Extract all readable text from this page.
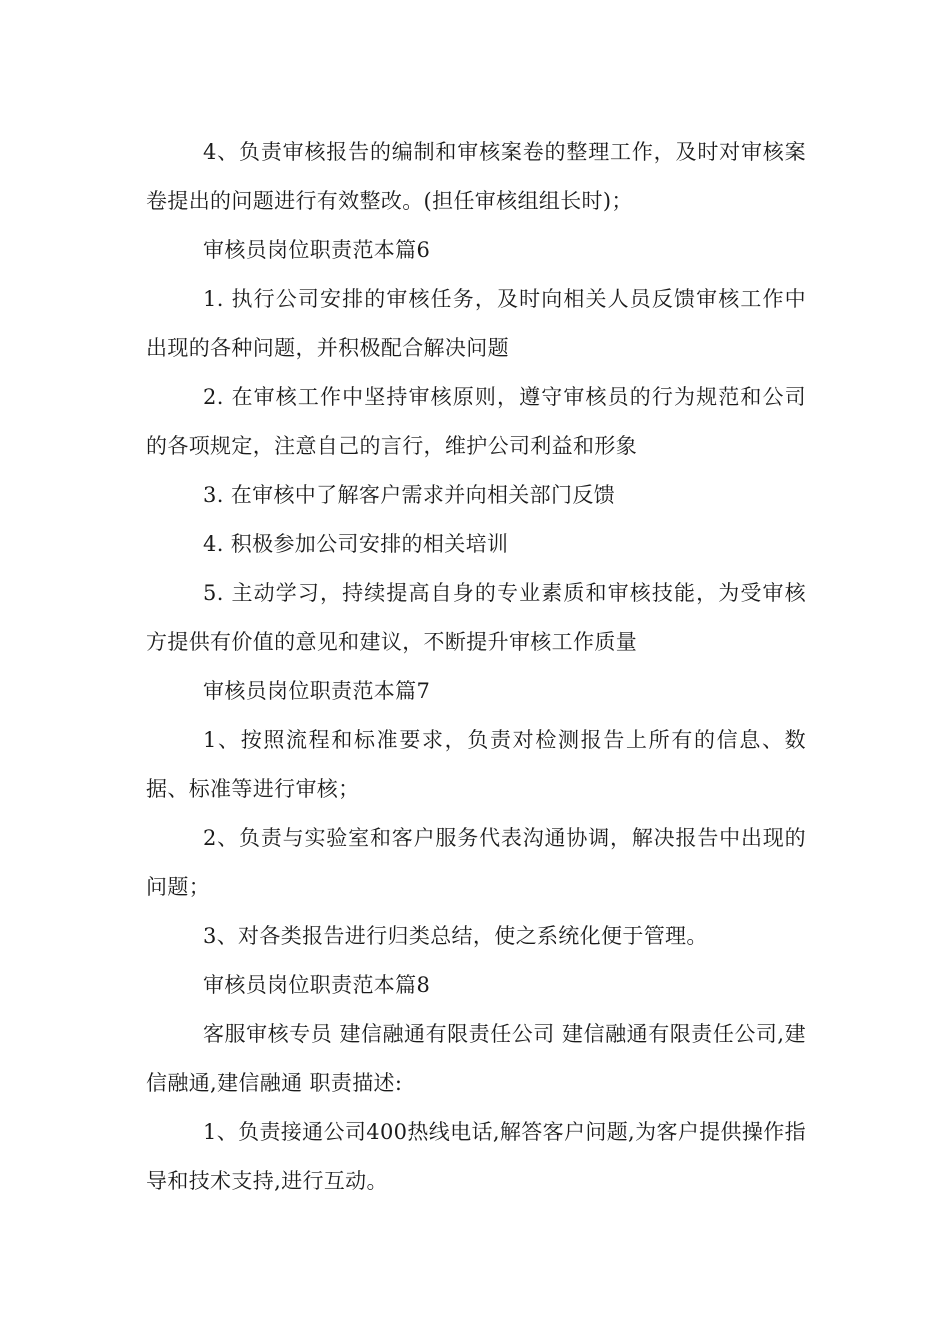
4、负责审核报告的编制和审核案卷的整理工作，及时对审核案卷提出的问题进行有效整改。(担任审核组组长时)；

审核员岗位职责范本篇6

1. 执行公司安排的审核任务，及时向相关人员反馈审核工作中出现的各种问题，并积极配合解决问题

2. 在审核工作中坚持审核原则，遵守审核员的行为规范和公司的各项规定，注意自己的言行，维护公司利益和形象

3. 在审核中了解客户需求并向相关部门反馈

4. 积极参加公司安排的相关培训

5. 主动学习，持续提高自身的专业素质和审核技能，为受审核方提供有价值的意见和建议，不断提升审核工作质量

审核员岗位职责范本篇7

1、按照流程和标准要求，负责对检测报告上所有的信息、数据、标准等进行审核；

2、负责与实验室和客户服务代表沟通协调，解决报告中出现的问题；

3、对各类报告进行归类总结，使之系统化便于管理。

审核员岗位职责范本篇8

客服审核专员 建信融通有限责任公司 建信融通有限责任公司,建信融通,建信融通 职责描述:

1、负责接通公司400热线电话,解答客户问题,为客户提供操作指导和技术支持,进行互动。
